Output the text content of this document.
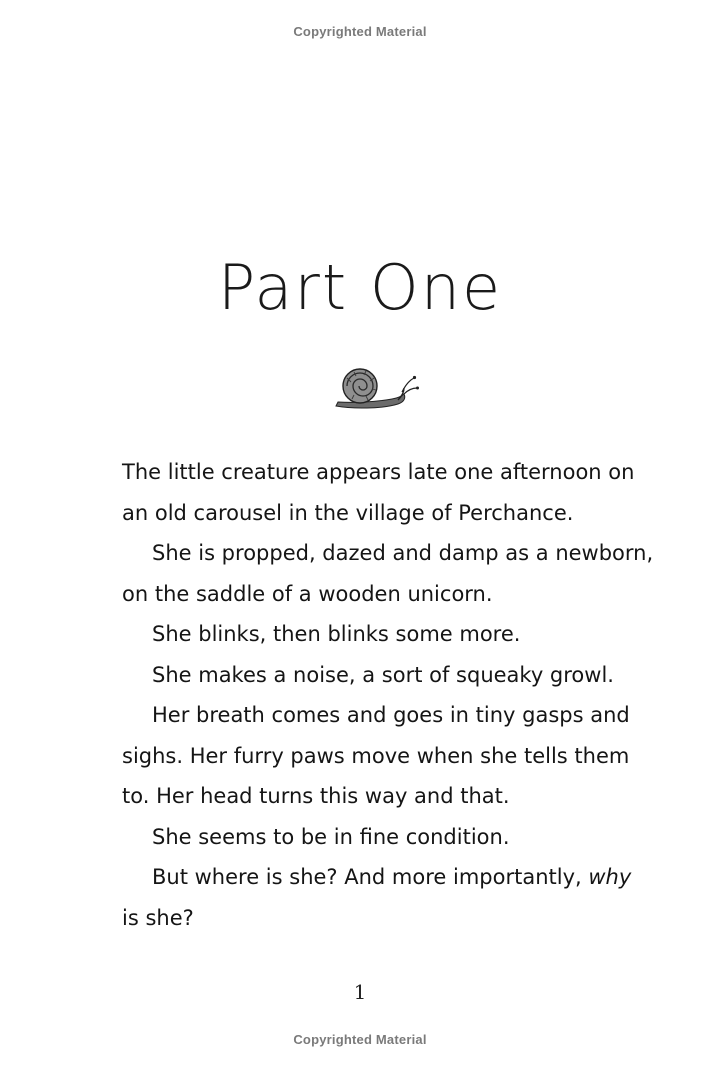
Copyrighted Material
Part One

The little creature appears late one afternoon on

an old carousel in the village of Perchance.

She is propped, dazed and damp as a newborn,

on the saddle of a wooden unicorn.

She blinks, then blinks some more.

She makes a noise, a sort of squeaky growl.

Her breath comes and goes in tiny gasps and

sighs. Her furry paws move when she tells them

to. Her head turns this way and that.

She seems to be in fine condition.

But where is she? And more importantly, why

is she?

1
Copyrighted Material
